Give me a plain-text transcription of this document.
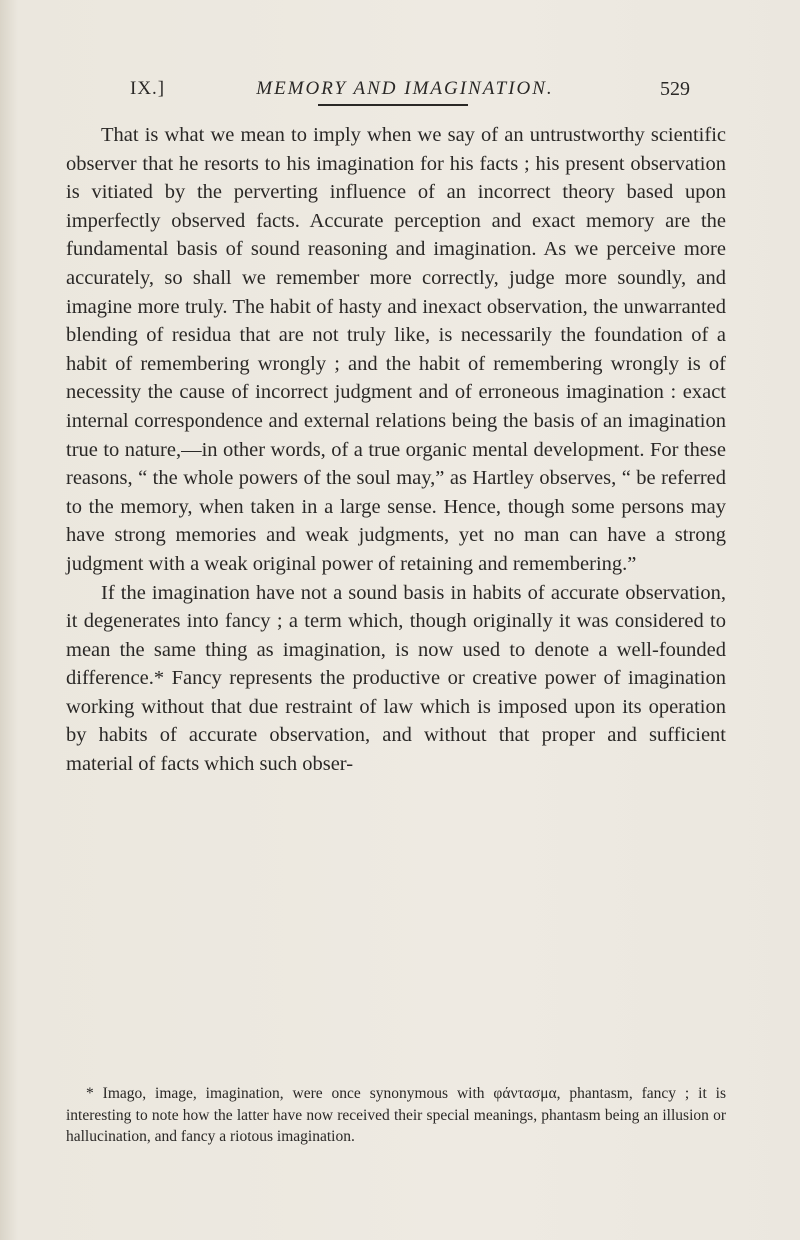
IX.]	MEMORY AND IMAGINATION.	529

That is what we mean to imply when we say of an untrustworthy scientific observer that he resorts to his imagination for his facts ; his present observation is vitiated by the perverting influence of an incorrect theory based upon imperfectly observed facts. Accurate perception and exact memory are the fundamental basis of sound reasoning and imagination. As we perceive more accurately, so shall we remember more correctly, judge more soundly, and imagine more truly. The habit of hasty and inexact observation, the unwarranted blending of residua that are not truly like, is necessarily the foundation of a habit of remembering wrongly ; and the habit of remembering wrongly is of necessity the cause of incorrect judgment and of erroneous imagination : exact internal correspondence and external relations being the basis of an imagination true to nature,—in other words, of a true organic mental development. For these reasons, “ the whole powers of the soul may,” as Hartley observes, “ be referred to the memory, when taken in a large sense. Hence, though some persons may have strong memories and weak judgments, yet no man can have a strong judgment with a weak original power of retaining and remembering.”

If the imagination have not a sound basis in habits of accurate observation, it degenerates into fancy ; a term which, though originally it was considered to mean the same thing as imagination, is now used to denote a well-founded difference.* Fancy represents the productive or creative power of imagination working without that due restraint of law which is imposed upon its operation by habits of accurate observation, and without that proper and sufficient material of facts which such obser-

* Imago, image, imagination, were once synonymous with φάντασμα, phantasm, fancy ; it is interesting to note how the latter have now received their special meanings, phantasm being an illusion or hallucination, and fancy a riotous imagination.
